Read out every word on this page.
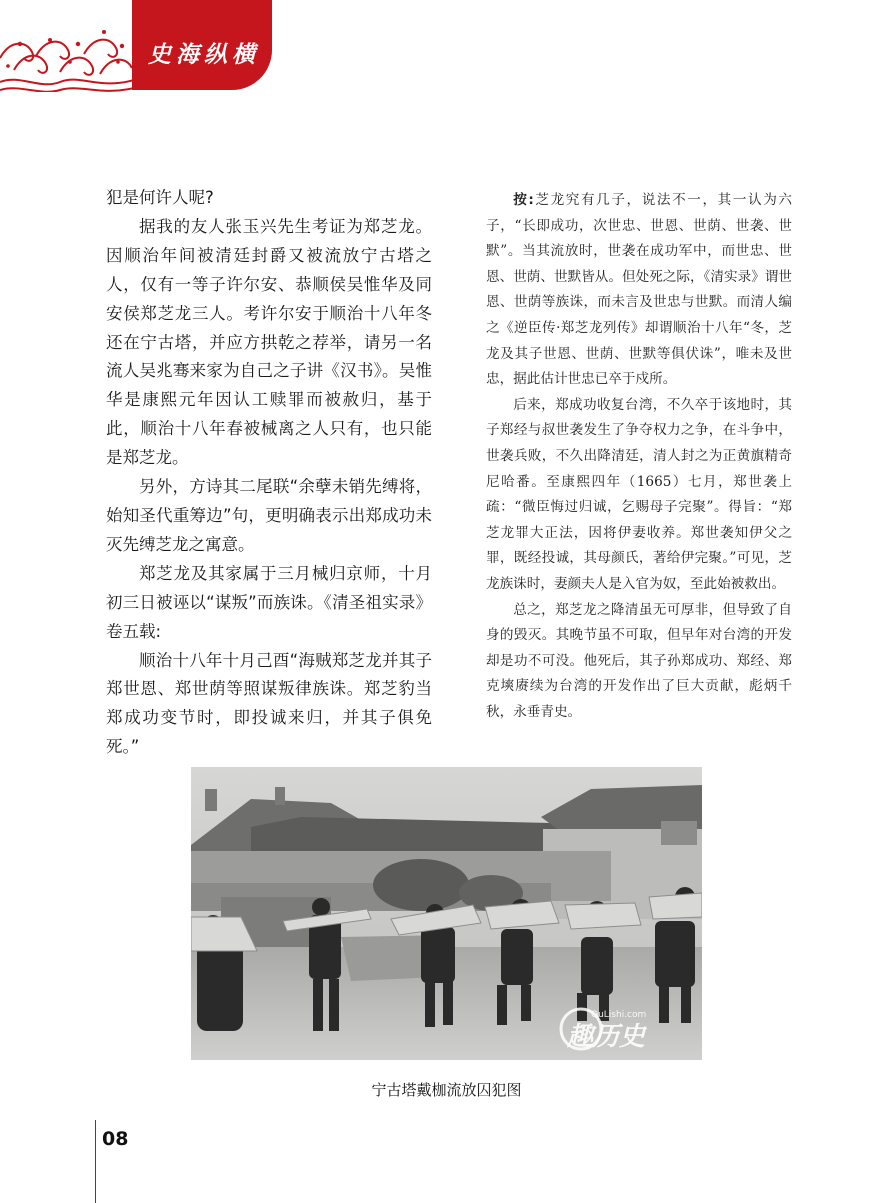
史海纵横

犯是何许人呢?

据我的友人张玉兴先生考证为郑芝龙。因顺治年间被清廷封爵又被流放宁古塔之人，仅有一等子许尔安、恭顺侯吴惟华及同安侯郑芝龙三人。考许尔安于顺治十八年冬还在宁古塔，并应方拱乾之荐举，请另一名流人吴兆骞来家为自己之子讲《汉书》。吴惟华是康熙元年因认工赎罪而被赦归，基于此，顺治十八年春被械离之人只有，也只能是郑芝龙。

另外，方诗其二尾联“余孽未销先缚将，始知圣代重筹边”句，更明确表示出郑成功未灭先缚芝龙之寓意。

郑芝龙及其家属于三月械归京师，十月初三日被诬以“谋叛”而族诛。《清圣祖实录》卷五载:

顺治十八年十月己酉“海贼郑芝龙并其子郑世恩、郑世荫等照谋叛律族诛。郑芝豹当郑成功变节时，即投诚来归，并其子俱免死。”

按:芝龙究有几子，说法不一，其一认为六子，“长即成功，次世忠、世恩、世荫、世袭、世默”。当其流放时，世袭在成功军中，而世忠、世恩、世荫、世默皆从。但处死之际，《清实录》谓世恩、世荫等族诛，而未言及世忠与世默。而清人编之《逆臣传·郑芝龙列传》却谓顺治十八年“冬，芝龙及其子世恩、世荫、世默等俱伏诛”，唯未及世忠，据此估计世忠已卒于戍所。

后来，郑成功收复台湾，不久卒于该地时，其子郑经与叔世袭发生了争夺权力之争，在斗争中，世袭兵败，不久出降清廷，清人封之为正黄旗精奇尼哈番。至康熙四年（1665）七月，郑世袭上疏：“微臣悔过归诚，乞赐母子完聚”。得旨：“郑芝龙罪大正法，因将伊妻收养。郑世袭知伊父之罪，既经投诚，其母颜氏，著给伊完聚。”可见，芝龙族诛时，妻颜夫人是入官为奴，至此始被救出。

总之，郑芝龙之降清虽无可厚非，但导致了自身的毁灭。其晚节虽不可取，但早年对台湾的开发却是功不可没。他死后，其子孙郑成功、郑经、郑克塽赓续为台湾的开发作出了巨大贡献，彪炳千秋，永垂青史。

QuLishi.com
趣历史
宁古塔戴枷流放囚犯图
08
